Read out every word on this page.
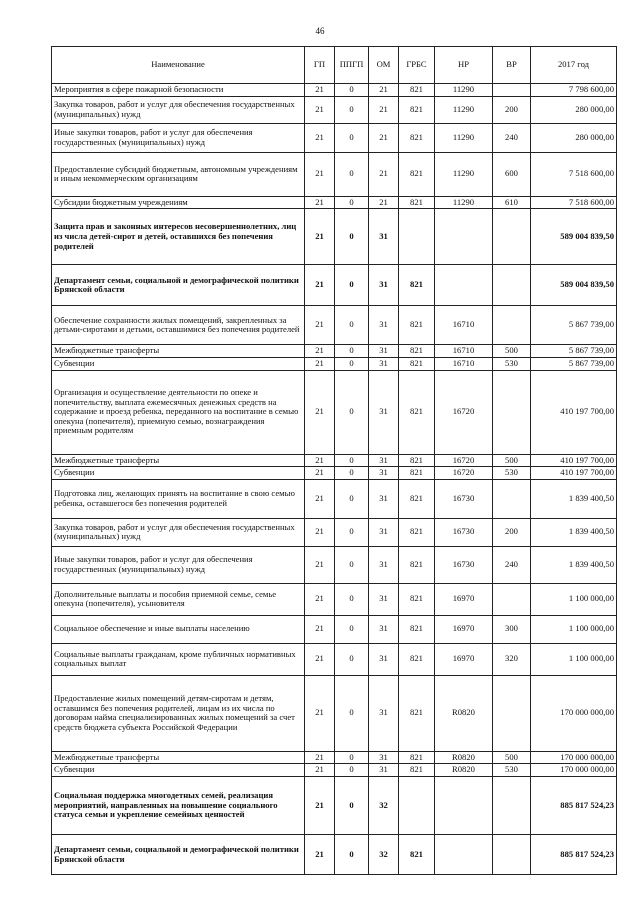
46
Наименование	ГП	ППГП	ОМ	ГРБС	НР	ВР	2017 год
Мероприятия в сфере пожарной безопасности	21	0	21	821	11290		7 798 600,00
Закупка товаров, работ и услуг для обеспечения государственных (муниципальных) нужд	21	0	21	821	11290	200	280 000,00
Иные закупки товаров, работ и услуг для обеспечения государственных (муниципальных) нужд	21	0	21	821	11290	240	280 000,00
Предоставление субсидий бюджетным, автономным учреждениям и иным некоммерческим организациям	21	0	21	821	11290	600	7 518 600,00
Субсидии бюджетным учреждениям	21	0	21	821	11290	610	7 518 600,00
Защита прав и законных интересов несовершеннолетних, лиц из числа детей-сирот и детей, оставшихся без попечения родителей	21	0	31				589 004 839,50
Департамент семьи, социальной и демографической политики Брянской области	21	0	31	821			589 004 839,50
Обеспечение сохранности жилых помещений, закрепленных за детьми-сиротами и детьми, оставшимися без попечения родителей	21	0	31	821	16710		5 867 739,00
Межбюджетные трансферты	21	0	31	821	16710	500	5 867 739,00
Субвенции	21	0	31	821	16710	530	5 867 739,00
Организация и осуществление деятельности по опеке и попечительству, выплата ежемесячных денежных средств на содержание и проезд ребенка, переданного на воспитание в семью опекуна (попечителя), приемную семью, вознаграждения приемным родителям	21	0	31	821	16720		410 197 700,00
Межбюджетные трансферты	21	0	31	821	16720	500	410 197 700,00
Субвенции	21	0	31	821	16720	530	410 197 700,00
Подготовка лиц, желающих принять на воспитание в свою семью ребенка, оставшегося без попечения родителей	21	0	31	821	16730		1 839 400,50
Закупка товаров, работ и услуг для обеспечения государственных (муниципальных) нужд	21	0	31	821	16730	200	1 839 400,50
Иные закупки товаров, работ и услуг для обеспечения государственных (муниципальных) нужд	21	0	31	821	16730	240	1 839 400,50
Дополнительные выплаты и пособия приемной семье, семье опекуна (попечителя), усыновителя	21	0	31	821	16970		1 100 000,00
Социальное обеспечение и иные выплаты населению	21	0	31	821	16970	300	1 100 000,00
Социальные выплаты гражданам, кроме публичных нормативных социальных выплат	21	0	31	821	16970	320	1 100 000,00
Предоставление жилых помещений детям-сиротам и детям, оставшимся без попечения родителей, лицам из их числа по договорам найма специализированных жилых помещений за счет средств бюджета субъекта Российской Федерации	21	0	31	821	R0820		170 000 000,00
Межбюджетные трансферты	21	0	31	821	R0820	500	170 000 000,00
Субвенции	21	0	31	821	R0820	530	170 000 000,00
Социальная поддержка многодетных семей, реализация мероприятий, направленных на повышение социального статуса семьи и укрепление семейных ценностей	21	0	32				885 817 524,23
Департамент семьи, социальной и демографической политики Брянской области	21	0	32	821			885 817 524,23
